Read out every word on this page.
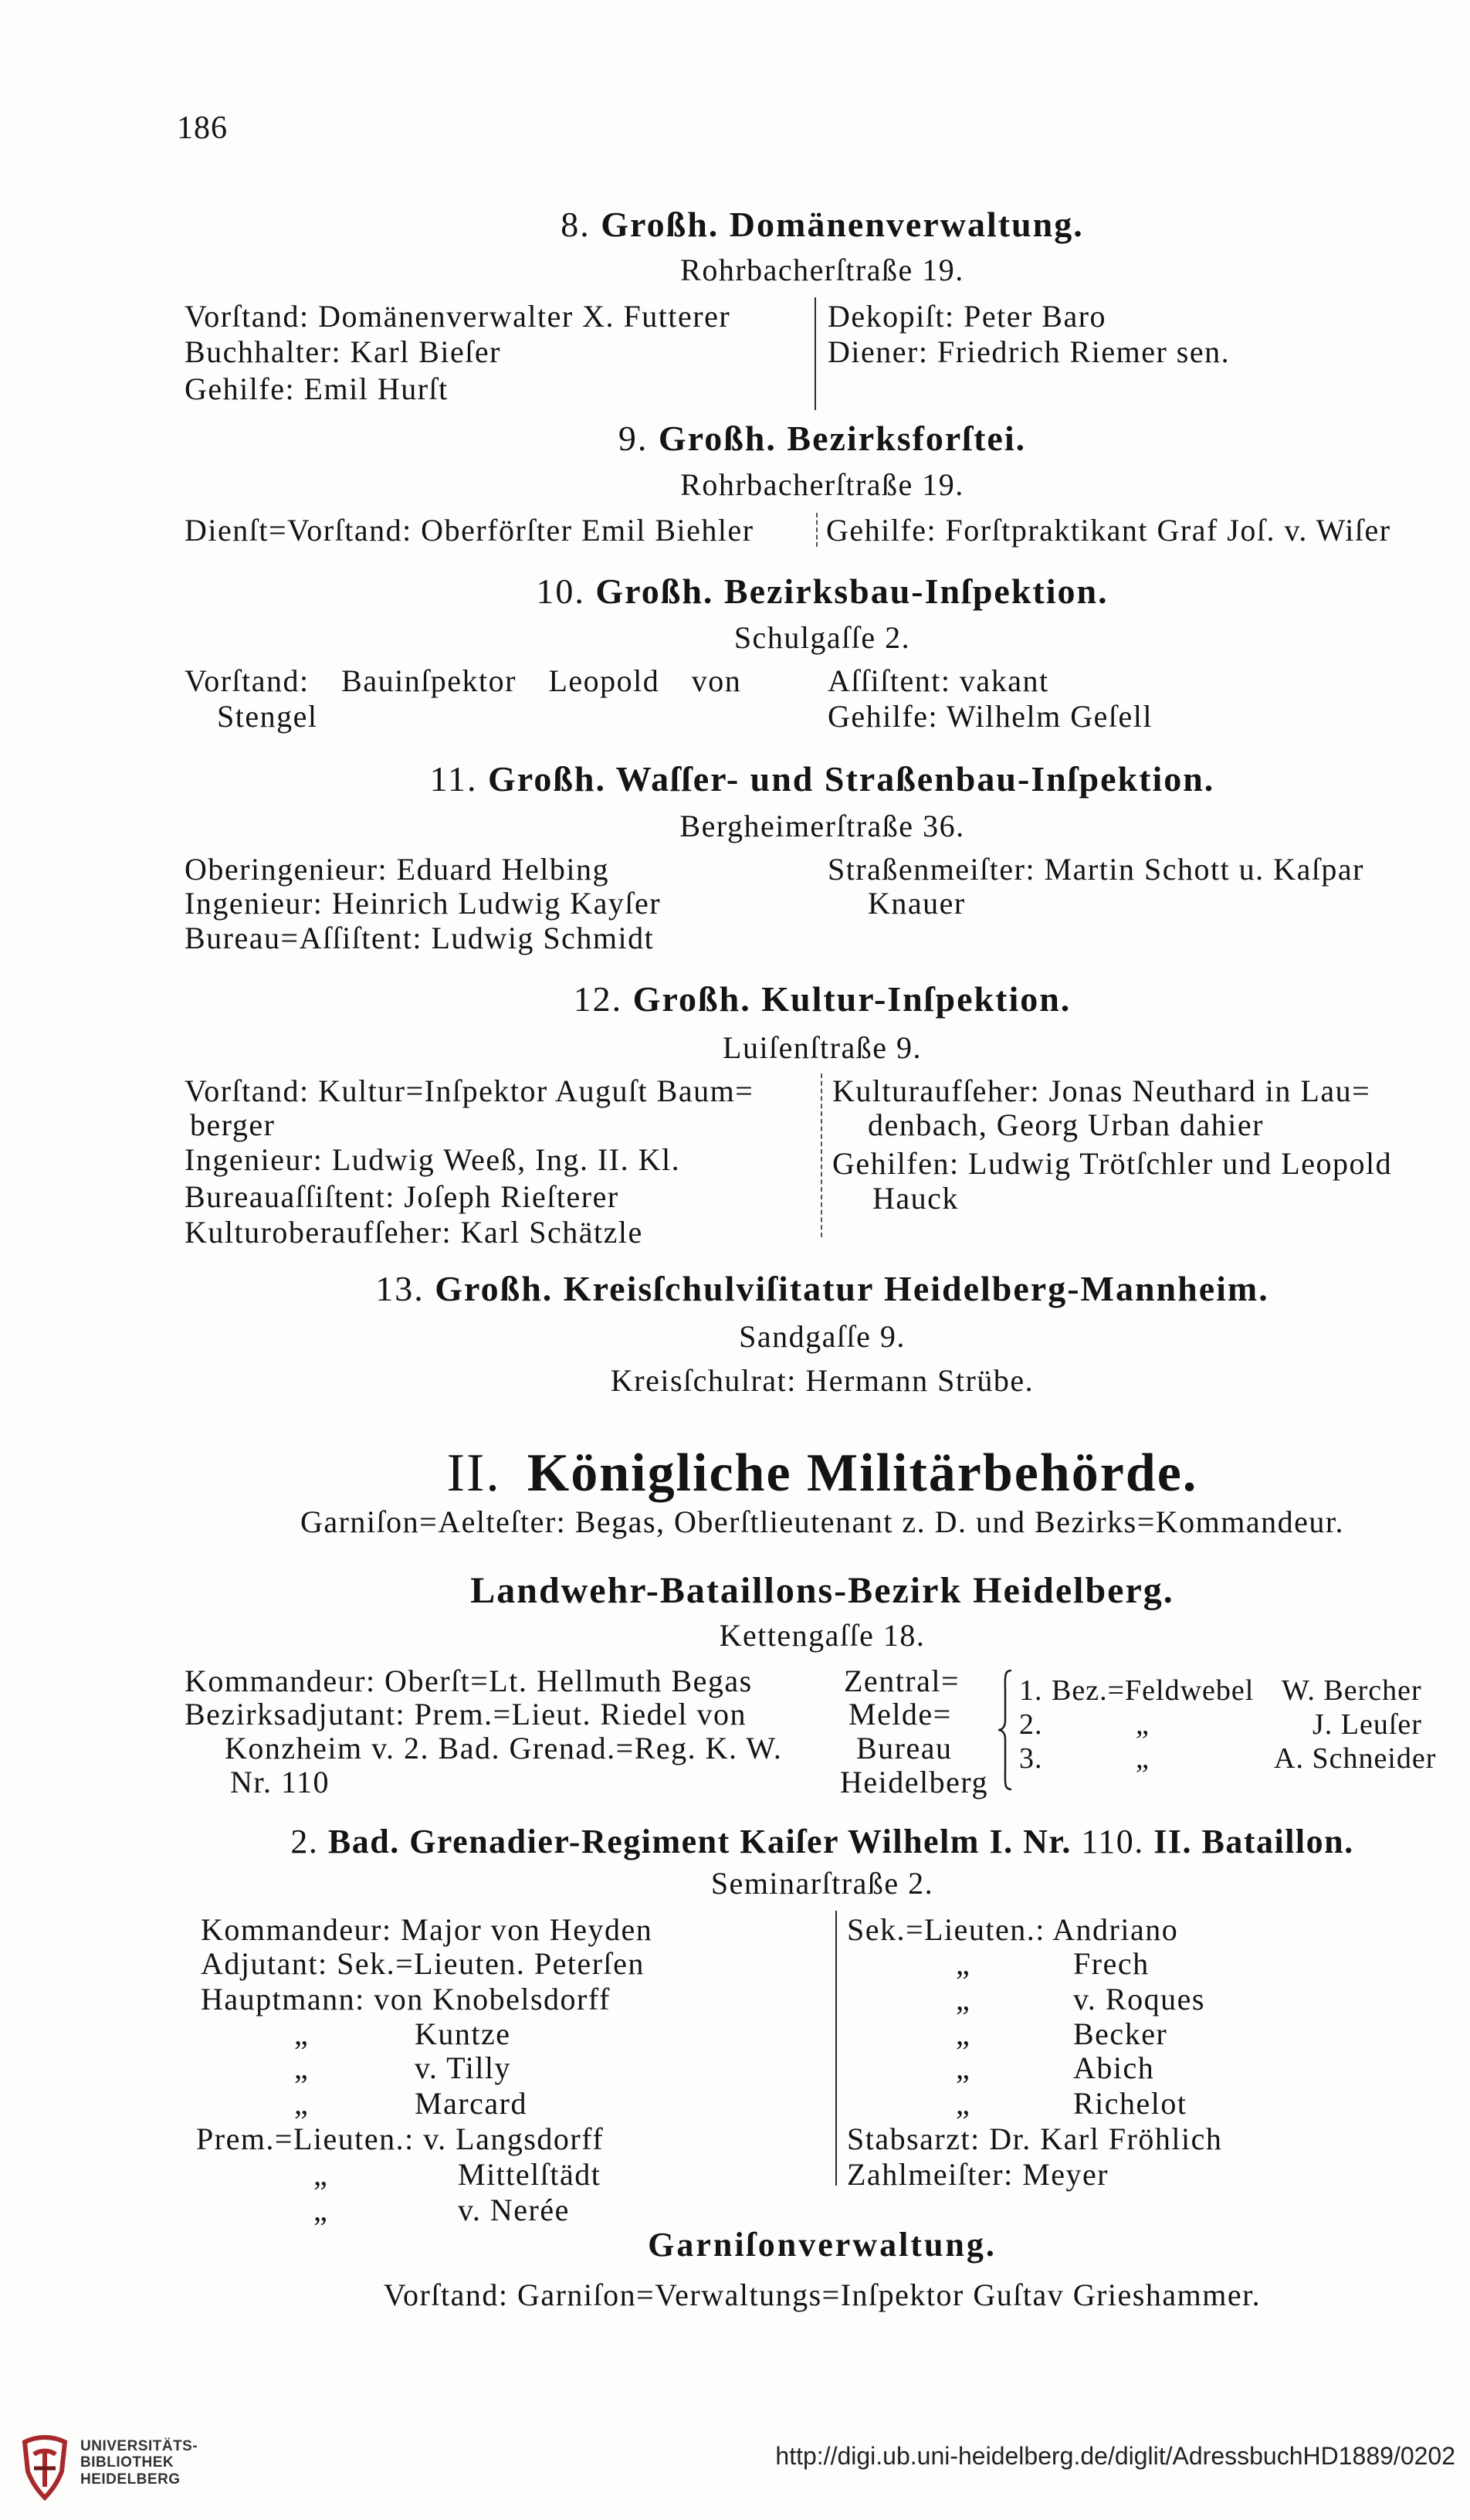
186
8. Großh. Domänenverwaltung.
Rohrbacherſtraße 19.
Vorſtand: Domänenverwalter X. Futterer
Buchhalter: Karl Bieſer
Gehilfe: Emil Hurſt
Dekopiſt: Peter Baro
Diener: Friedrich Riemer sen.
9. Großh. Bezirksforſtei.
Rohrbacherſtraße 19.
Dienſt=Vorſtand: Oberförſter Emil Biehler Gehilfe: Forſtpraktikant Graf Joſ. v. Wiſer
10. Großh. Bezirksbau-Inſpektion.
Schulgaſſe 2.
Vorſtand: Bauinſpektor Leopold von
Stengel
Aſſiſtent: vakant
Gehilfe: Wilhelm Geſell
11. Großh. Waſſer- und Straßenbau-Inſpektion.
Bergheimerſtraße 36.
Oberingenieur: Eduard Helbing
Ingenieur: Heinrich Ludwig Kayſer
Bureau=Aſſiſtent: Ludwig Schmidt
Straßenmeiſter: Martin Schott u. Kaſpar
Knauer
12. Großh. Kultur-Inſpektion.
Luiſenſtraße 9.
Vorſtand: Kultur=Inſpektor Auguſt Baum=
berger
Ingenieur: Ludwig Weeß, Ing. II. Kl.
Bureauaſſiſtent: Joſeph Rieſterer
Kulturoberaufſeher: Karl Schätzle
Kulturaufſeher: Jonas Neuthard in Lau=
denbach, Georg Urban dahier
Gehilfen: Ludwig Trötſchler und Leopold
Hauck
13. Großh. Kreisſchulviſitatur Heidelberg-Mannheim.
Sandgaſſe 9.
Kreisſchulrat: Hermann Strübe.
II. Königliche Militärbehörde.
Garniſon=Aelteſter: Begas, Oberſtlieutenant z. D. und Bezirks=Kommandeur.
Landwehr-Bataillons-Bezirk Heidelberg.
Kettengaſſe 18.
Kommandeur: Oberſt=Lt. Hellmuth Begas
Bezirksadjutant: Prem.=Lieut. Riedel von
Konzheim v. 2. Bad. Grenad.=Reg. K. W.
Nr. 110
Zentral=
Melde=
Bureau
Heidelberg
1. Bez.=Feldwebel W. Bercher
2.	„	J. Leuſer
3.	„	A. Schneider
2. Bad. Grenadier-Regiment Kaiſer Wilhelm I. Nr. 110. II. Bataillon.
Seminarſtraße 2.
Kommandeur: Major von Heyden
Adjutant: Sek.=Lieuten. Peterſen
Hauptmann: von Knobelsdorff
„	Kuntze
„	v. Tilly
„	Marcard
Prem.=Lieuten.: v. Langsdorff
„	Mittelſtädt
„	v. Nerée
Sek.=Lieuten.: Andriano
„	Frech
„	v. Roques
„	Becker
„	Abich
„	Richelot
Stabsarzt: Dr. Karl Fröhlich
Zahlmeiſter: Meyer
Garniſonverwaltung.
Vorſtand: Garniſon=Verwaltungs=Inſpektor Guſtav Grieshammer.
UNIVERSITÄTS-
BIBLIOTHEK
HEIDELBERG
http://digi.ub.uni-heidelberg.de/diglit/AdressbuchHD1889/0202
